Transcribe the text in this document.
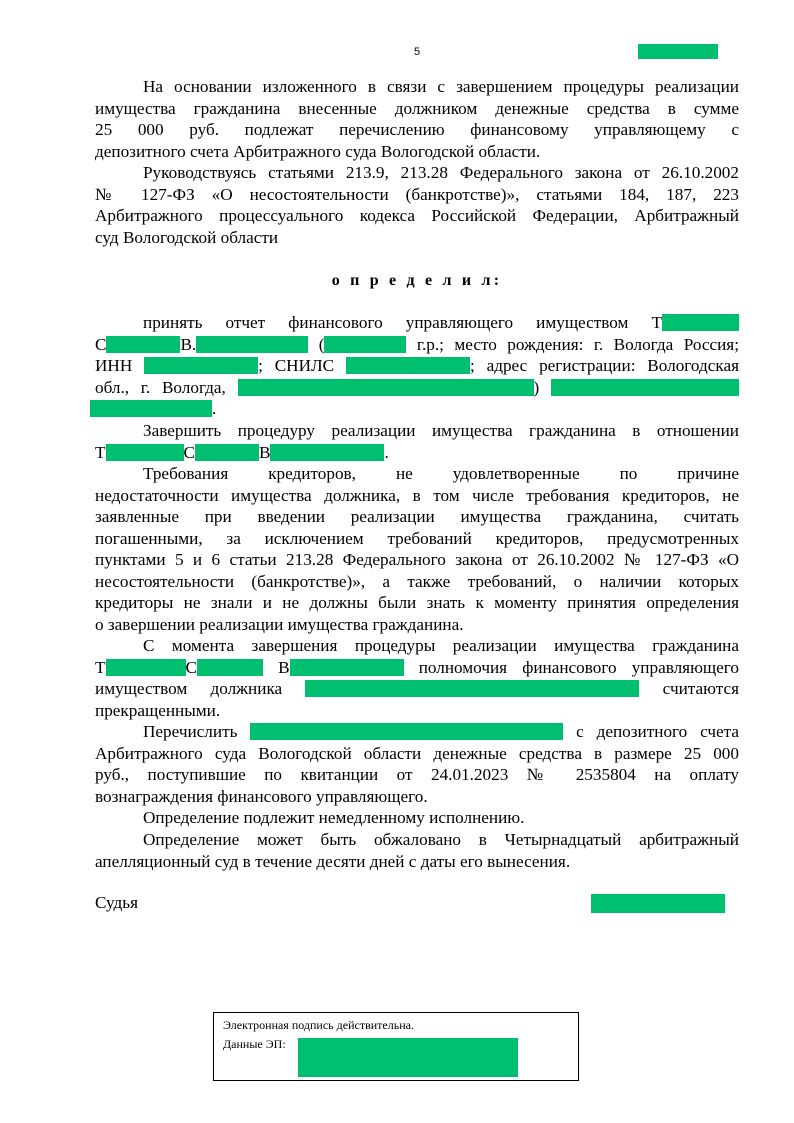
5
На основании изложенного в связи с завершением процедуры реализации
имущества гражданина внесенные должником денежные средства в сумме
25 000 руб. подлежат перечислению финансовому управляющему с
депозитного счета Арбитражного суда Вологодской области.
Руководствуясь статьями 213.9, 213.28 Федерального закона от 26.10.2002
№ 127-ФЗ «О несостоятельности (банкротстве)», статьями 184, 187, 223
Арбитражного процессуального кодекса Российской Федерации, Арбитражный
суд Вологодской области
о п р е д е л и л:
принять отчет финансового управляющего имуществом Т
С	В.	(	г.р.; место рождения: г. Вологда Россия;
ИНН	; СНИЛС	; адрес регистрации: Вологодская
обл., г. Вологда,	)
.
Завершить процедуру реализации имущества гражданина в отношении
Т	С	В	.
Требования кредиторов, не удовлетворенные по причине
недостаточности имущества должника, в том числе требования кредиторов, не
заявленные при введении реализации имущества гражданина, считать
погашенными, за исключением требований кредиторов, предусмотренных
пунктами 5 и 6 статьи 213.28 Федерального закона от 26.10.2002 № 127-ФЗ «О
несостоятельности (банкротстве)», а также требований, о наличии которых
кредиторы не знали и не должны были знать к моменту принятия определения
о завершении реализации имущества гражданина.
С момента завершения процедуры реализации имущества гражданина
Т	С	В	полномочия финансового управляющего
имуществом должника	считаются
прекращенными.
Перечислить	с депозитного счета
Арбитражного суда Вологодской области денежные средства в размере 25 000
руб., поступившие по квитанции от 24.01.2023 № 2535804 на оплату
вознаграждения финансового управляющего.
Определение подлежит немедленному исполнению.
Определение может быть обжаловано в Четырнадцатый арбитражный
апелляционный суд в течение десяти дней с даты его вынесения.
Судья
Электронная подпись действительна.
Данные ЭП:
